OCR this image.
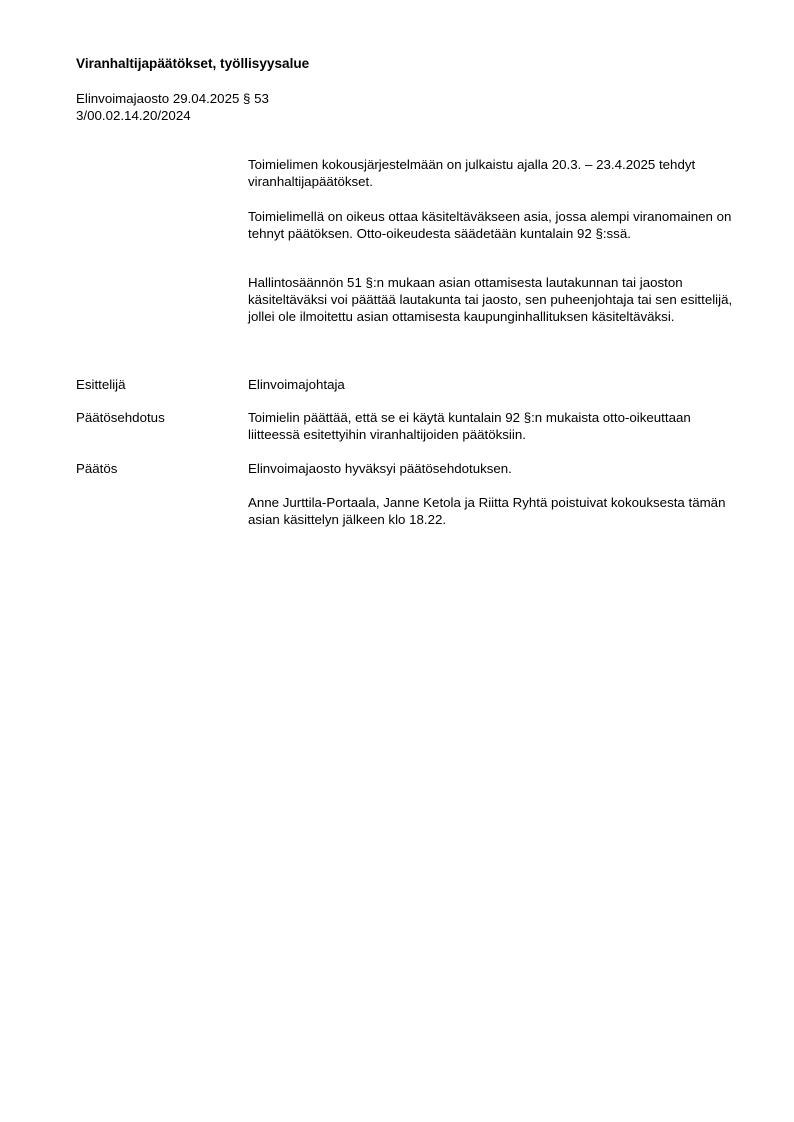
Viranhaltijapäätökset, työllisyysalue
Elinvoimajaosto 29.04.2025 § 53
3/00.02.14.20/2024

Toimielimen kokousjärjestelmään on julkaistu ajalla 20.3. – 23.4.2025 tehdyt viranhaltijapäätökset.

Toimielimellä on oikeus ottaa käsiteltäväkseen asia, jossa alempi viranomainen on tehnyt päätöksen. Otto-oikeudesta säädetään kuntalain 92 §:ssä.

Hallintosäännön 51 §:n mukaan asian ottamisesta lautakunnan tai jaoston käsiteltäväksi voi päättää lautakunta tai jaosto, sen puheenjohtaja tai sen esittelijä, jollei ole ilmoitettu asian ottamisesta kaupunginhallituksen käsiteltäväksi.

Esittelijä	Elinvoimajohtaja
Päätösehdotus	Toimielin päättää, että se ei käytä kuntalain 92 §:n mukaista otto-oikeuttaan liitteessä esitettyihin viranhaltijoiden päätöksiin.

Päätös	Elinvoimajaosto hyväksyi päätösehdotuksen.

Anne Jurttila-Portaala, Janne Ketola ja Riitta Ryhtä poistuivat kokouksesta tämän asian käsittelyn jälkeen klo 18.22.
